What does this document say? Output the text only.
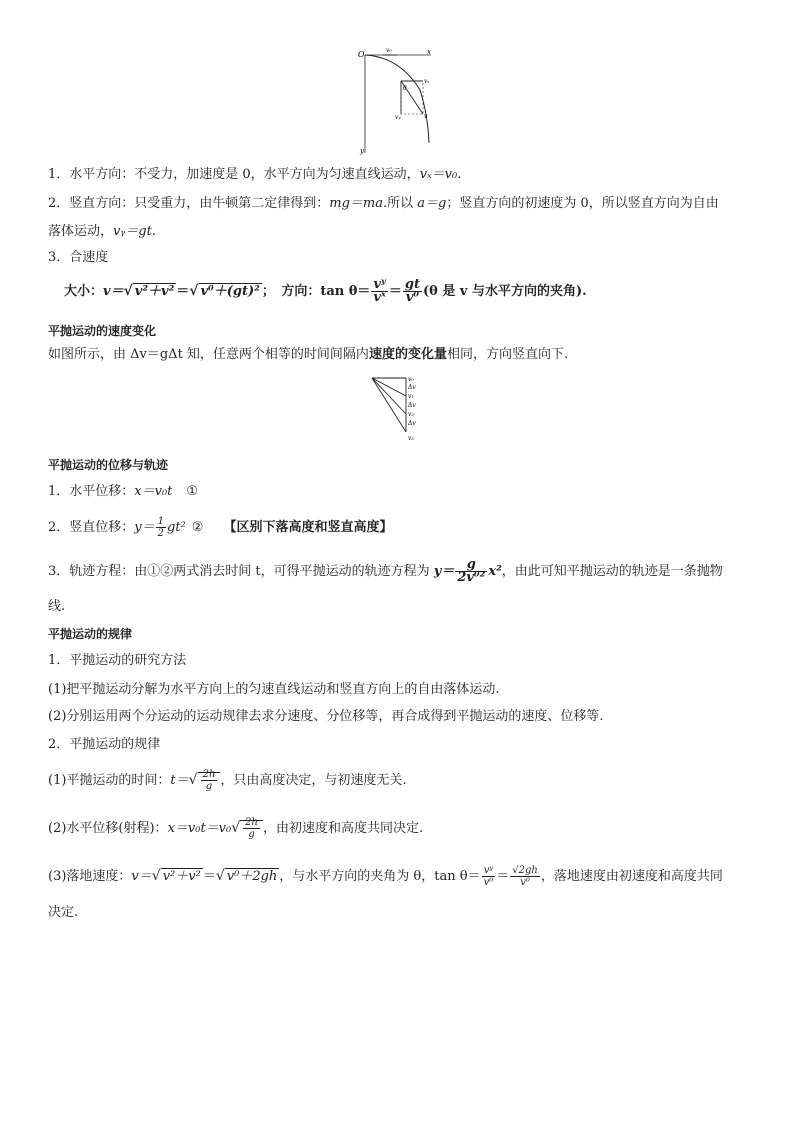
O	v₀	x
vₓ
θ
vᵧ	v
y
1．水平方向：不受力，加速度是 0，水平方向为匀速直线运动，vₓ＝v₀.
2．竖直方向：只受重力，由牛顿第二定律得到：mg＝ma.所以 a＝g；竖直方向的初速度为 0，所以竖直方向为自由
落体运动，vᵧ＝gt.
3．合速度
大小：v＝√ v²＋v² ＝√ v⁰＋(gt)² ；　方向：$\tan \theta= \frac{\text{vʸ}}{\text{vˣ}} = \frac{gt}{\text{v⁰}} (\theta$ 是 v 与水平方向的夹角).
平抛运动的速度变化
如图所示，由 Δv＝gΔt 知，任意两个相等的时间间隔内速度的变化量相同，方向竖直向下.
v₀
Δv
v₁
Δv
v₂
Δv
v₃
平抛运动的位移与轨迹
1．水平位移：x＝v₀t ①
2．竖直位移：$y= \frac{1}{2} gt^2$ ② 【区别下落高度和竖直高度】
3．轨迹方程：由①②两式消去时间 t，可得平抛运动的轨迹方程为 $y= \frac{g}{\text{2v⁰²}} x^2$，由此可知平抛运动的轨迹是一条抛物
线.
平抛运动的规律
1．平抛运动的研究方法
(1)把平抛运动分解为水平方向上的匀速直线运动和竖直方向上的自由落体运动.
(2)分别运用两个分运动的运动规律去求分速度、分位移等，再合成得到平抛运动的速度、位移等.
2．平抛运动的规律
(1)平抛运动的时间：$t=√ \frac{2h}{g}$ ，只由高度决定，与初速度无关.
(2)水平位移(射程)：$x=v_0t=v_0√ \frac{2h}{g}$ ，由初速度和高度共同决定.
(3)落地速度：v＝√ v²＋v² ＝√ v⁰＋2gh ，与水平方向的夹角为 θ，$\tan \theta= \frac{\text{vʸ}}{\text{v⁰}} = \frac{√2gh}{\text{v⁰}}$ ，落地速度由初速度和高度共同
决定.
